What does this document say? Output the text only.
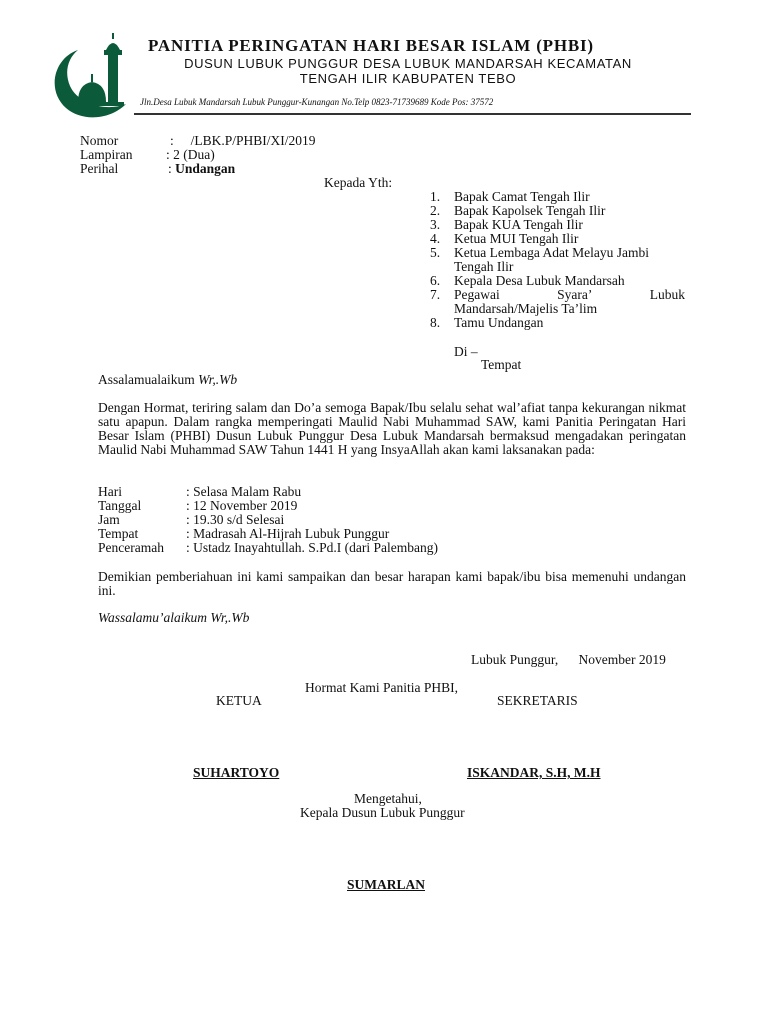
PANITIA PERINGATAN HARI BESAR ISLAM (PHBI)
DUSUN LUBUK PUNGGUR DESA LUBUK MANDARSAH KECAMATAN
TENGAH ILIR KABUPATEN TEBO
Jln.Desa Lubuk Mandarsah Lubuk Punggur-Kunangan No.Telp 0823-71739689 Kode Pos: 37572
Nomor	:     /LBK.P/PHBI/XI/2019
Lampiran : 2 (Dua)
Perihal	: Undangan
Kepada Yth:
1. Bapak Camat Tengah Ilir
2. Bapak Kapolsek Tengah Ilir
3. Bapak KUA Tengah Ilir
4. Ketua MUI Tengah Ilir
5. Ketua Lembaga Adat Melayu Jambi
Tengah Ilir
6. Kepala Desa Lubuk Mandarsah
7. Pegawai	Syara’	Lubuk
Mandarsah/Majelis Ta’lim
8. Tamu Undangan
Di –
Tempat
Assalamualaikum Wr,.Wb
Dengan Hormat, teriring salam dan Do’a semoga Bapak/Ibu selalu sehat wal’afiat tanpa kekurangan nikmat satu apapun. Dalam rangka memperingati Maulid Nabi Muhammad SAW, kami Panitia Peringatan Hari Besar Islam (PHBI) Dusun Lubuk Punggur Desa Lubuk Mandarsah bermaksud mengadakan peringatan Maulid Nabi Muhammad SAW Tahun 1441 H yang InsyaAllah akan kami laksanakan pada:
Hari	: Selasa Malam Rabu
Tanggal	: 12 November 2019
Jam	: 19.30 s/d Selesai
Tempat	: Madrasah Al-Hijrah Lubuk Punggur
Penceramah : Ustadz Inayahtullah. S.Pd.I (dari Palembang)
Demikian pemberiahuan ini kami sampaikan dan besar harapan kami bapak/ibu bisa memenuhi undangan ini.
Wassalamu’alaikum Wr,.Wb
Lubuk Punggur,      November 2019
Hormat Kami Panitia PHBI,
KETUA	SEKRETARIS
SUHARTOYO	ISKANDAR, S.H, M.H
Mengetahui,
Kepala Dusun Lubuk Punggur
SUMARLAN
